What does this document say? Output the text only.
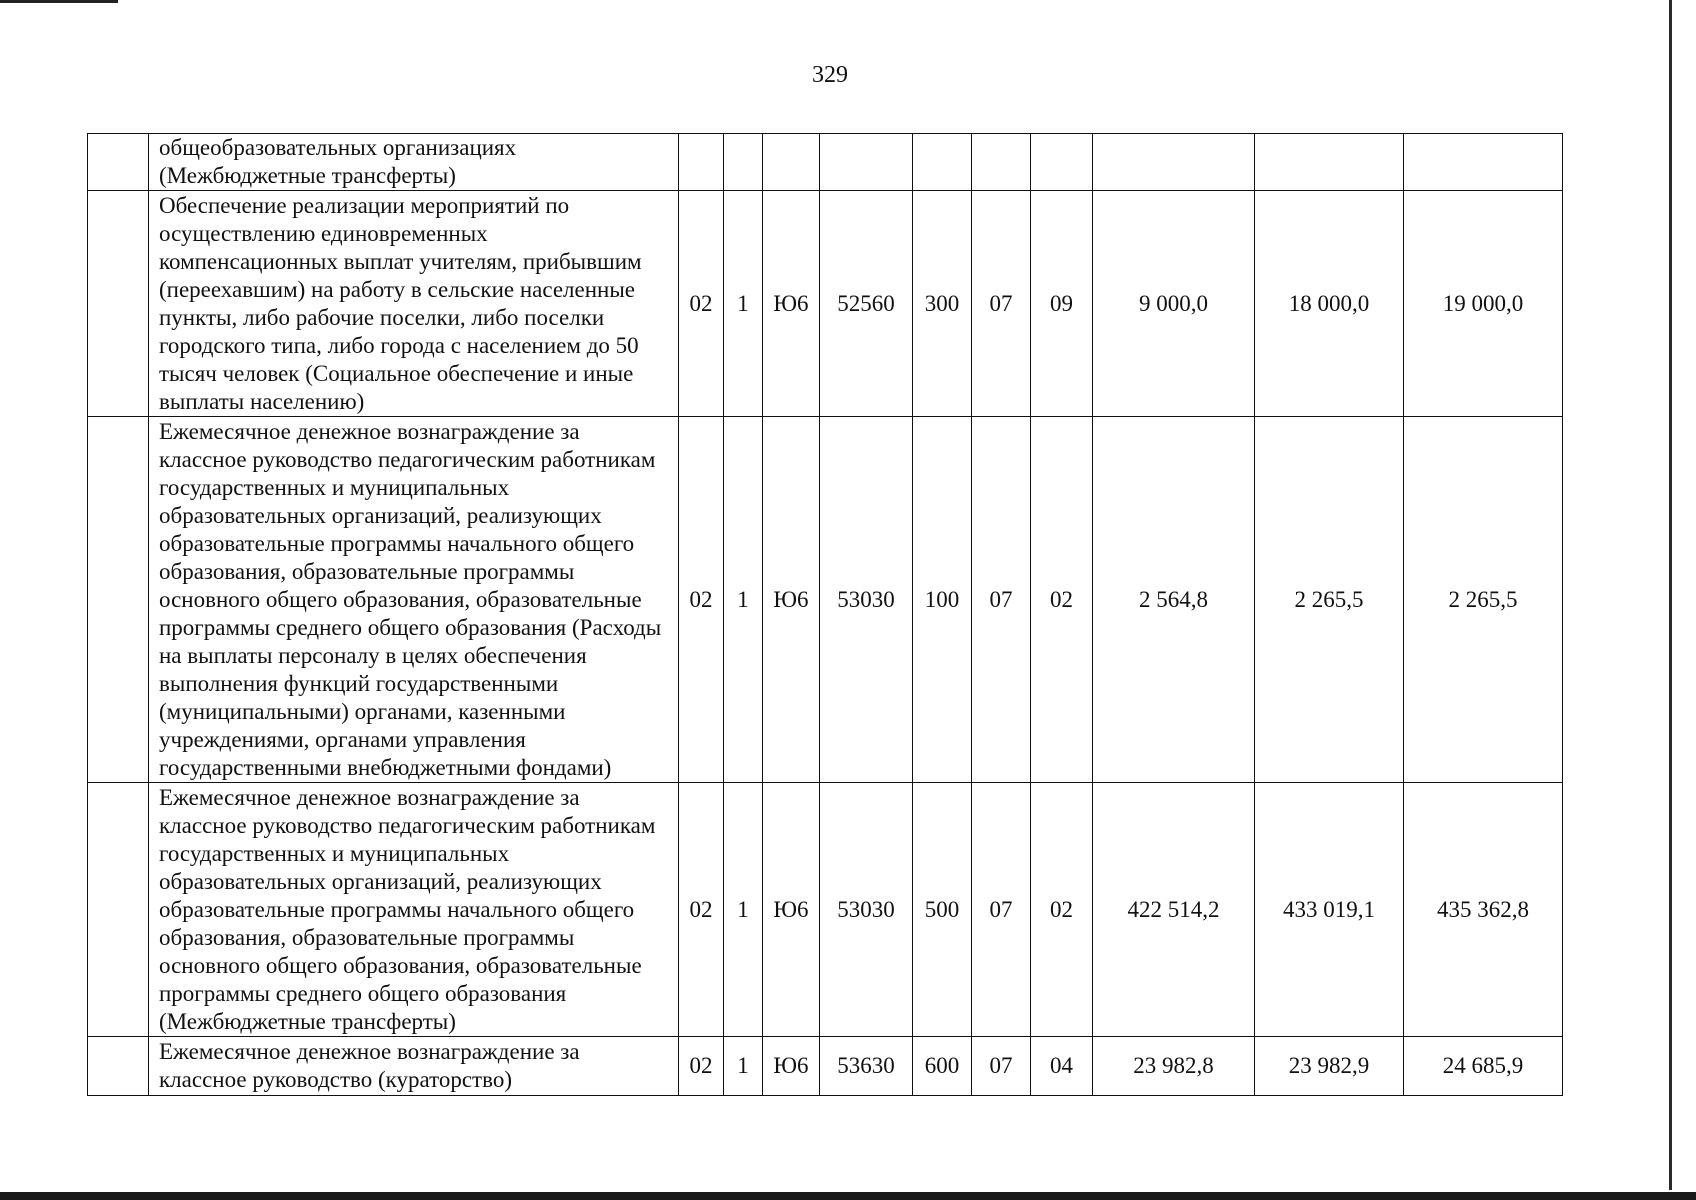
329
	общеобразовательных организациях (Межбюджетные трансферты)										
	Обеспечение реализации мероприятий по осуществлению единовременных компенсационных выплат учителям, прибывшим (переехавшим) на работу в сельские населенные пункты, либо рабочие поселки, либо поселки городского типа, либо города с населением до 50 тысяч человек (Социальное обеспечение и иные выплаты населению)	02	1	Ю6	52560	300	07	09	9 000,0	18 000,0	19 000,0
	Ежемесячное денежное вознаграждение за классное руководство педагогическим работникам государственных и муниципальных образовательных организаций, реализующих образовательные программы начального общего образования, образовательные программы основного общего образования, образовательные программы среднего общего образования (Расходы на выплаты персоналу в целях обеспечения выполнения функций государственными (муниципальными) органами, казенными учреждениями, органами управления государственными внебюджетными фондами)	02	1	Ю6	53030	100	07	02	2 564,8	2 265,5	2 265,5
	Ежемесячное денежное вознаграждение за классное руководство педагогическим работникам государственных и муниципальных образовательных организаций, реализующих образовательные программы начального общего образования, образовательные программы основного общего образования, образовательные программы среднего общего образования (Межбюджетные трансферты)	02	1	Ю6	53030	500	07	02	422 514,2	433 019,1	435 362,8
	Ежемесячное денежное вознаграждение за классное руководство (кураторство)	02	1	Ю6	53630	600	07	04	23 982,8	23 982,9	24 685,9
